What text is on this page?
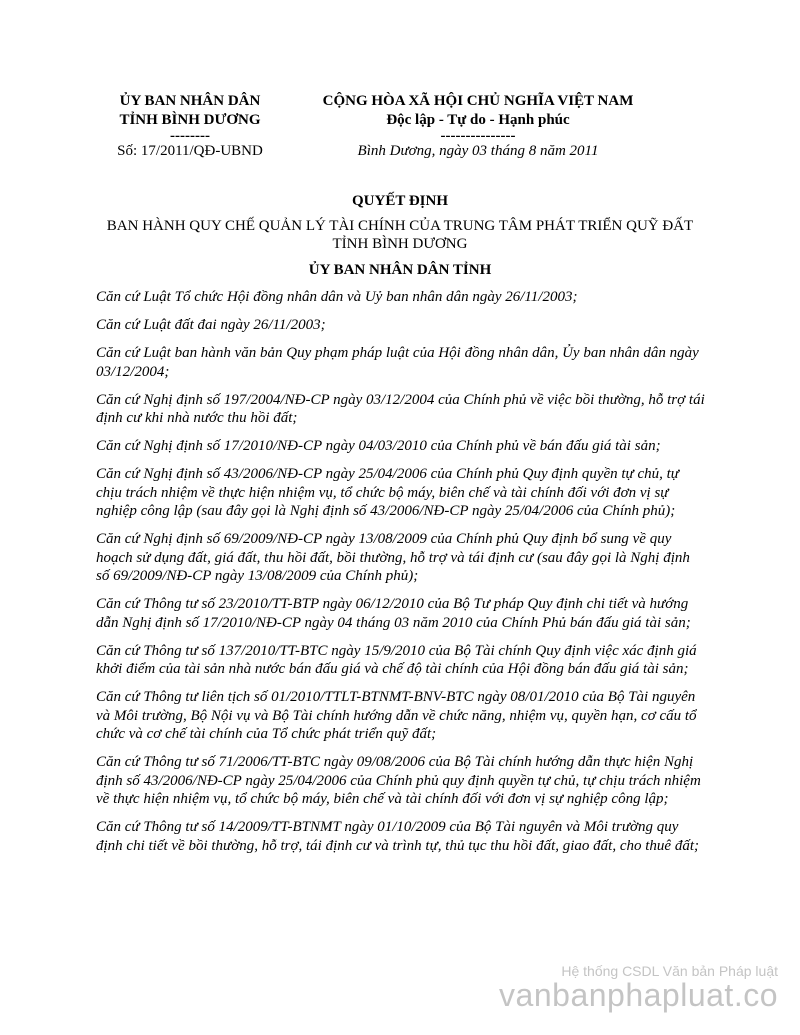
ỦY BAN NHÂN DÂN
TỈNH BÌNH DƯƠNG
--------
Số: 17/2011/QĐ-UBND
CỘNG HÒA XÃ HỘI CHỦ NGHĨA VIỆT NAM
Độc lập - Tự do - Hạnh phúc
---------------
Bình Dương, ngày 03 tháng 8 năm 2011
QUYẾT ĐỊNH
BAN HÀNH QUY CHẾ QUẢN LÝ TÀI CHÍNH CỦA TRUNG TÂM PHÁT TRIỂN QUỸ ĐẤT TỈNH BÌNH DƯƠNG
ỦY BAN NHÂN DÂN TỈNH

Căn cứ Luật Tổ chức Hội đồng nhân dân và Uỷ ban nhân dân ngày 26/11/2003;

Căn cứ Luật đất đai ngày 26/11/2003;

Căn cứ Luật ban hành văn bản Quy phạm pháp luật của Hội đồng nhân dân, Ủy ban nhân dân ngày 03/12/2004;

Căn cứ Nghị định số 197/2004/NĐ-CP ngày 03/12/2004 của Chính phủ về việc bồi thường, hỗ trợ tái định cư khi nhà nước thu hồi đất;

Căn cứ Nghị định số 17/2010/NĐ-CP ngày 04/03/2010 của Chính phủ về bán đấu giá tài sản;

Căn cứ Nghị định số 43/2006/NĐ-CP ngày 25/04/2006 của Chính phủ Quy định quyền tự chủ, tự chịu trách nhiệm về thực hiện nhiệm vụ, tổ chức bộ máy, biên chế và tài chính đối với đơn vị sự nghiệp công lập (sau đây gọi là Nghị định số 43/2006/NĐ-CP ngày 25/04/2006 của Chính phủ);

Căn cứ Nghị định số 69/2009/NĐ-CP ngày 13/08/2009 của Chính phủ Quy định bổ sung về quy hoạch sử dụng đất, giá đất, thu hồi đất, bồi thường, hỗ trợ và tái định cư (sau đây gọi là Nghị định số 69/2009/NĐ-CP ngày 13/08/2009 của Chính phủ);

Căn cứ Thông tư số 23/2010/TT-BTP ngày 06/12/2010 của Bộ Tư pháp Quy định chi tiết và hướng dẫn Nghị định số 17/2010/NĐ-CP ngày 04 tháng 03 năm 2010 của Chính Phủ bán đấu giá tài sản;

Căn cứ Thông tư số 137/2010/TT-BTC ngày 15/9/2010 của Bộ Tài chính Quy định việc xác định giá khởi điểm của tài sản nhà nước bán đấu giá và chế độ tài chính của Hội đồng bán đấu giá tài sản;

Căn cứ Thông tư liên tịch số 01/2010/TTLT-BTNMT-BNV-BTC ngày 08/01/2010 của Bộ Tài nguyên và Môi trường, Bộ Nội vụ và Bộ Tài chính hướng dẫn về chức năng, nhiệm vụ, quyền hạn, cơ cấu tổ chức và cơ chế tài chính của Tổ chức phát triển quỹ đất;

Căn cứ Thông tư số 71/2006/TT-BTC ngày 09/08/2006 của Bộ Tài chính hướng dẫn thực hiện Nghị định số 43/2006/NĐ-CP ngày 25/04/2006 của Chính phủ quy định quyền tự chủ, tự chịu trách nhiệm về thực hiện nhiệm vụ, tổ chức bộ máy, biên chế và tài chính đối với đơn vị sự nghiệp công lập;

Căn cứ Thông tư số 14/2009/TT-BTNMT ngày 01/10/2009 của Bộ Tài nguyên và Môi trường quy định chi tiết về bồi thường, hỗ trợ, tái định cư và trình tự, thủ tục thu hồi đất, giao đất, cho thuê đất;

Hệ thống CSDL Văn bản Pháp luật
vanbanphapluat.co
